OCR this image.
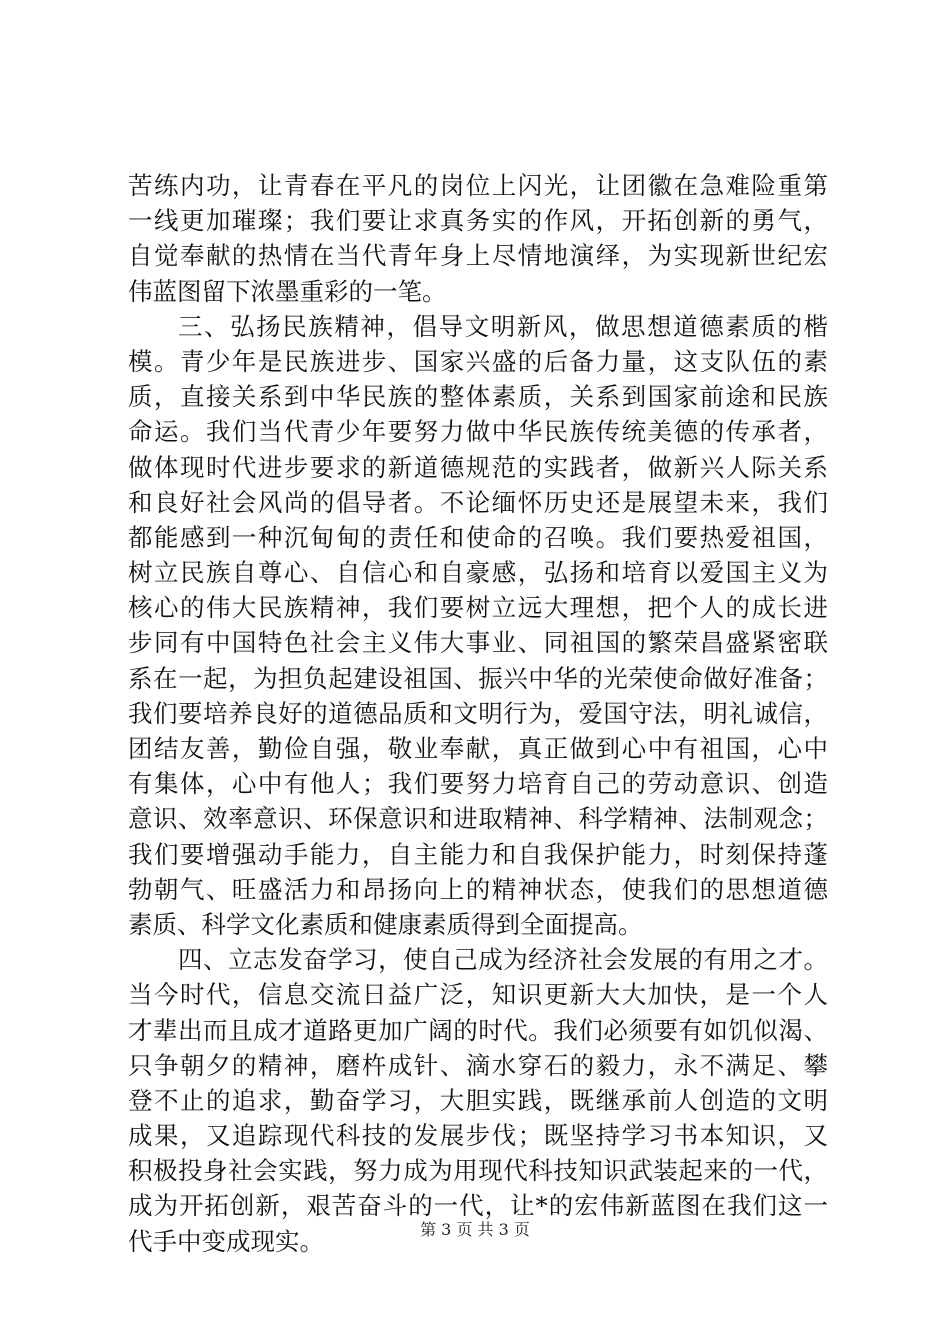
苦练内功，让青春在平凡的岗位上闪光，让团徽在急难险重第
一线更加璀璨；我们要让求真务实的作风，开拓创新的勇气，
自觉奉献的热情在当代青年身上尽情地演绎，为实现新世纪宏
伟蓝图留下浓墨重彩的一笔。
三、弘扬民族精神，倡导文明新风，做思想道德素质的楷
模。青少年是民族进步、国家兴盛的后备力量，这支队伍的素
质，直接关系到中华民族的整体素质，关系到国家前途和民族
命运。我们当代青少年要努力做中华民族传统美德的传承者，
做体现时代进步要求的新道德规范的实践者，做新兴人际关系
和良好社会风尚的倡导者。不论缅怀历史还是展望未来，我们
都能感到一种沉甸甸的责任和使命的召唤。我们要热爱祖国，
树立民族自尊心、自信心和自豪感，弘扬和培育以爱国主义为
核心的伟大民族精神，我们要树立远大理想，把个人的成长进
步同有中国特色社会主义伟大事业、同祖国的繁荣昌盛紧密联
系在一起，为担负起建设祖国、振兴中华的光荣使命做好准备；
我们要培养良好的道德品质和文明行为，爱国守法，明礼诚信，
团结友善，勤俭自强，敬业奉献，真正做到心中有祖国，心中
有集体，心中有他人；我们要努力培育自己的劳动意识、创造
意识、效率意识、环保意识和进取精神、科学精神、法制观念；
我们要增强动手能力，自主能力和自我保护能力，时刻保持蓬
勃朝气、旺盛活力和昂扬向上的精神状态，使我们的思想道德
素质、科学文化素质和健康素质得到全面提高。
四、立志发奋学习，使自己成为经济社会发展的有用之才。
当今时代，信息交流日益广泛，知识更新大大加快，是一个人
才辈出而且成才道路更加广阔的时代。我们必须要有如饥似渴、
只争朝夕的精神，磨杵成针、滴水穿石的毅力，永不满足、攀
登不止的追求，勤奋学习，大胆实践，既继承前人创造的文明
成果，又追踪现代科技的发展步伐；既坚持学习书本知识，又
积极投身社会实践，努力成为用现代科技知识武装起来的一代，
成为开拓创新，艰苦奋斗的一代，让*的宏伟新蓝图在我们这一
代手中变成现实。	第 3 页 共 3 页
